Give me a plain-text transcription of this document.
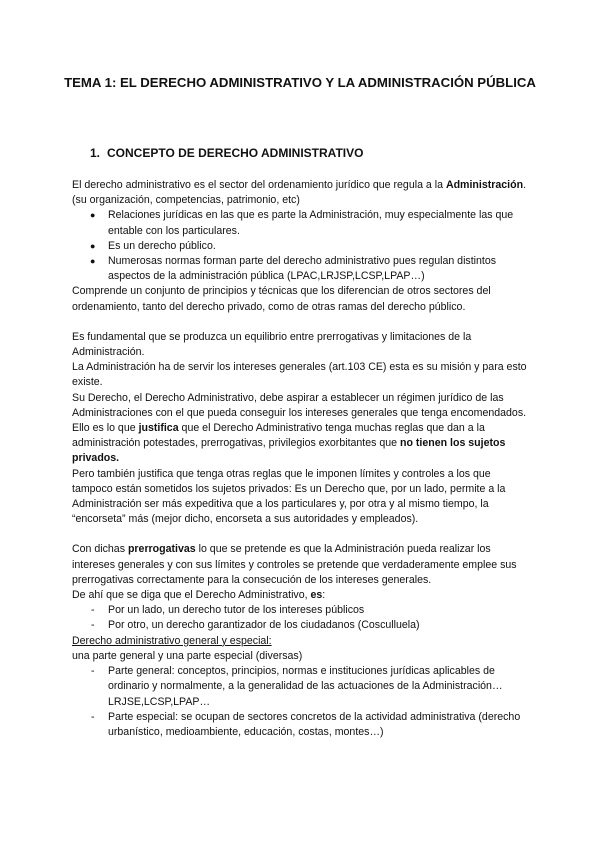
TEMA 1: EL DERECHO ADMINISTRATIVO Y LA ADMINISTRACIÓN PÚBLICA
1. CONCEPTO DE DERECHO ADMINISTRATIVO

El derecho administrativo es el sector del ordenamiento jurídico que regula a la Administración. (su organización, competencias, patrimonio, etc)

● Relaciones jurídicas en las que es parte la Administración, muy especialmente las que entable con los particulares.
● Es un derecho público.
● Numerosas normas forman parte del derecho administrativo pues regulan distintos aspectos de la administración pública (LPAC,LRJSP,LCSP,LPAP…)

Comprende un conjunto de principios y técnicas que los diferencian de otros sectores del ordenamiento, tanto del derecho privado, como de otras ramas del derecho público.

Es fundamental que se produzca un equilibrio entre prerrogativas y limitaciones de la Administración.

La Administración ha de servir los intereses generales (art.103 CE) esta es su misión y para esto existe.

Su Derecho, el Derecho Administrativo, debe aspirar a establecer un régimen jurídico de las Administraciones con el que pueda conseguir los intereses generales que tenga encomendados.

Ello es lo que justifica que el Derecho Administrativo tenga muchas reglas que dan a la administración potestades, prerrogativas, privilegios exorbitantes que no tienen los sujetos privados.

Pero también justifica que tenga otras reglas que le imponen límites y controles a los que tampoco están sometidos los sujetos privados: Es un Derecho que, por un lado, permite a la Administración ser más expeditiva que a los particulares y, por otra y al mismo tiempo, la “encorseta” más (mejor dicho, encorseta a sus autoridades y empleados).

Con dichas prerrogativas lo que se pretende es que la Administración pueda realizar los intereses generales y con sus límites y controles se pretende que verdaderamente emplee sus prerrogativas correctamente para la consecución de los intereses generales.

De ahí que se diga que el Derecho Administrativo, es:

- Por un lado, un derecho tutor de los intereses públicos
- Por otro, un derecho garantizador de los ciudadanos (Cosculluela)

Derecho administrativo general y especial:

una parte general y una parte especial (diversas)

- Parte general: conceptos, principios, normas e instituciones jurídicas aplicables de ordinario y normalmente, a la generalidad de las actuaciones de la Administración… LRJSE,LCSP,LPAP…
- Parte especial: se ocupan de sectores concretos de la actividad administrativa (derecho urbanístico, medioambiente, educación, costas, montes…)
